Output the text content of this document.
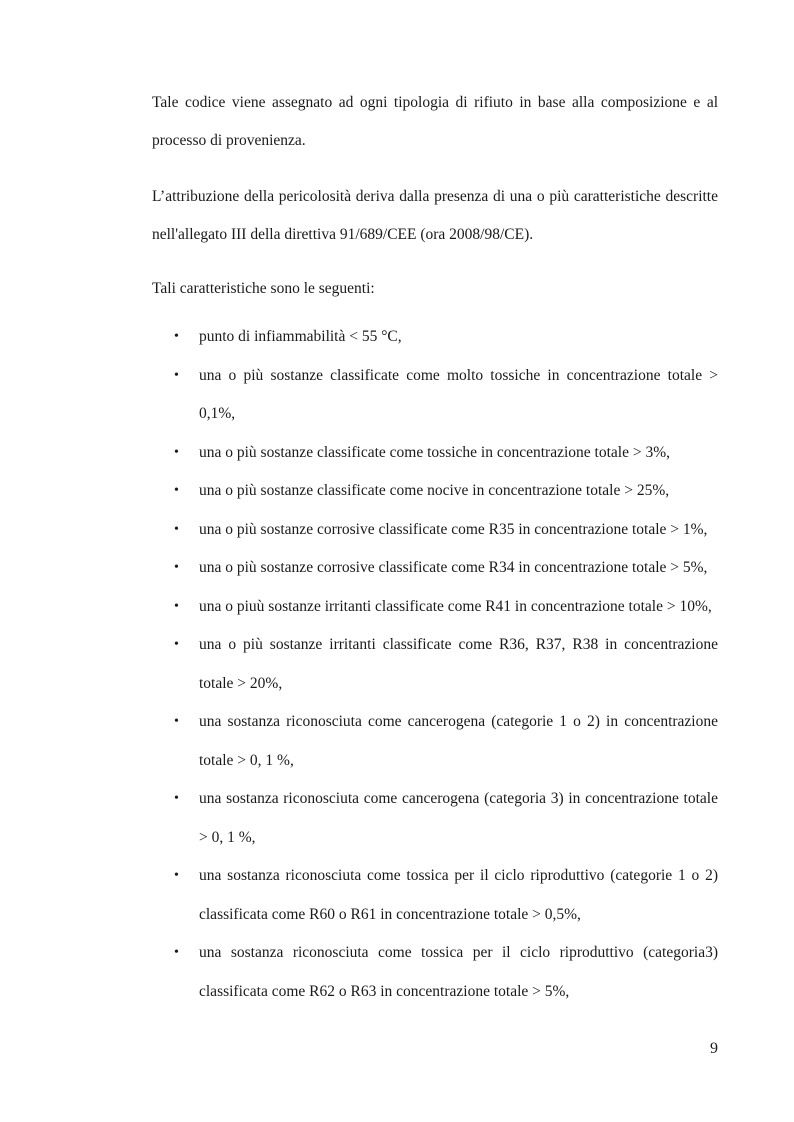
Tale codice viene assegnato ad ogni tipologia di rifiuto in base alla composizione e al processo di provenienza.

L’attribuzione della pericolosità deriva dalla presenza di una o più caratteristiche descritte nell'allegato III della direttiva 91/689/CEE (ora 2008/98/CE).

Tali caratteristiche sono le seguenti:

• punto di infiammabilità < 55 °C,
• una o più sostanze classificate come molto tossiche in concentrazione totale > 0,1%,
• una o più sostanze classificate come tossiche in concentrazione totale > 3%,
• una o più sostanze classificate come nocive in concentrazione totale > 25%,
• una o più sostanze corrosive classificate come R35 in concentrazione totale > 1%,
• una o più sostanze corrosive classificate come R34 in concentrazione totale > 5%,
• una o piuù sostanze irritanti classificate come R41 in concentrazione totale > 10%,
• una o più sostanze irritanti classificate come R36, R37, R38 in concentrazione totale > 20%,
• una sostanza riconosciuta come cancerogena (categorie 1 o 2) in concentrazione totale > 0, 1 %,
• una sostanza riconosciuta come cancerogena (categoria 3) in concentrazione totale > 0, 1 %,
• una sostanza riconosciuta come tossica per il ciclo riproduttivo (categorie 1 o 2) classificata come R60 o R61 in concentrazione totale > 0,5%,
• una sostanza riconosciuta come tossica per il ciclo riproduttivo (categoria3) classificata come R62 o R63 in concentrazione totale > 5%,
9
